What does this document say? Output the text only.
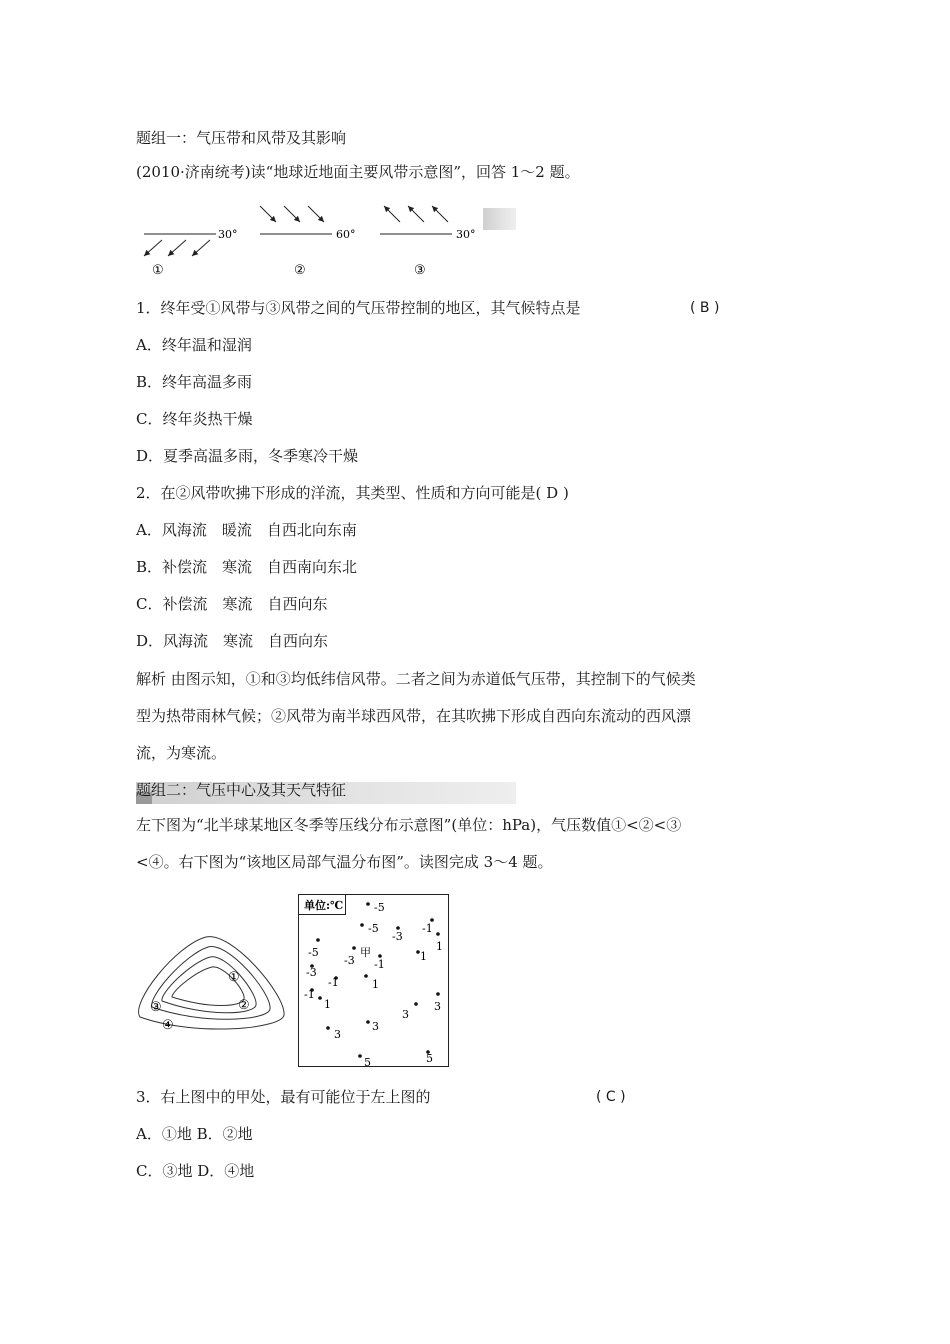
题组一：气压带和风带及其影响
(2010·济南统考)读“地球近地面主要风带示意图”，回答 1～2 题。
30°
①
60°
②
30°
③
1．终年受①风带与③风带之间的气压带控制的地区，其气候特点是	( B )
A．终年温和湿润
B．终年高温多雨
C．终年炎热干燥
D．夏季高温多雨，冬季寒冷干燥
2．在②风带吹拂下形成的洋流，其类型、性质和方向可能是( D )
A．风海流　暖流　自西北向东南
B．补偿流　寒流　自西南向东北
C．补偿流　寒流　自西向东
D．风海流　寒流　自西向东
解析 由图示知，①和③均低纬信风带。二者之间为赤道低气压带，其控制下的气候类
型为热带雨林气候；②风带为南半球西风带，在其吹拂下形成自西向东流动的西风漂
流，为寒流。
题组二：气压中心及其天气特征
左下图为“北半球某地区冬季等压线分布示意图”(单位：hPa)，气压数值①<②<③
<④。右下图为“该地区局部气温分布图”。读图完成 3～4 题。
①
②
③
④
单位:℃	-5
-5
-3
-1
1
-5
-3 -1
1
-3
-1
-1
1
1
3
3
3
3
5	5
甲
3．右上图中的甲处，最有可能位于左上图的	( C )
A．①地 B．②地
C．③地 D．④地
